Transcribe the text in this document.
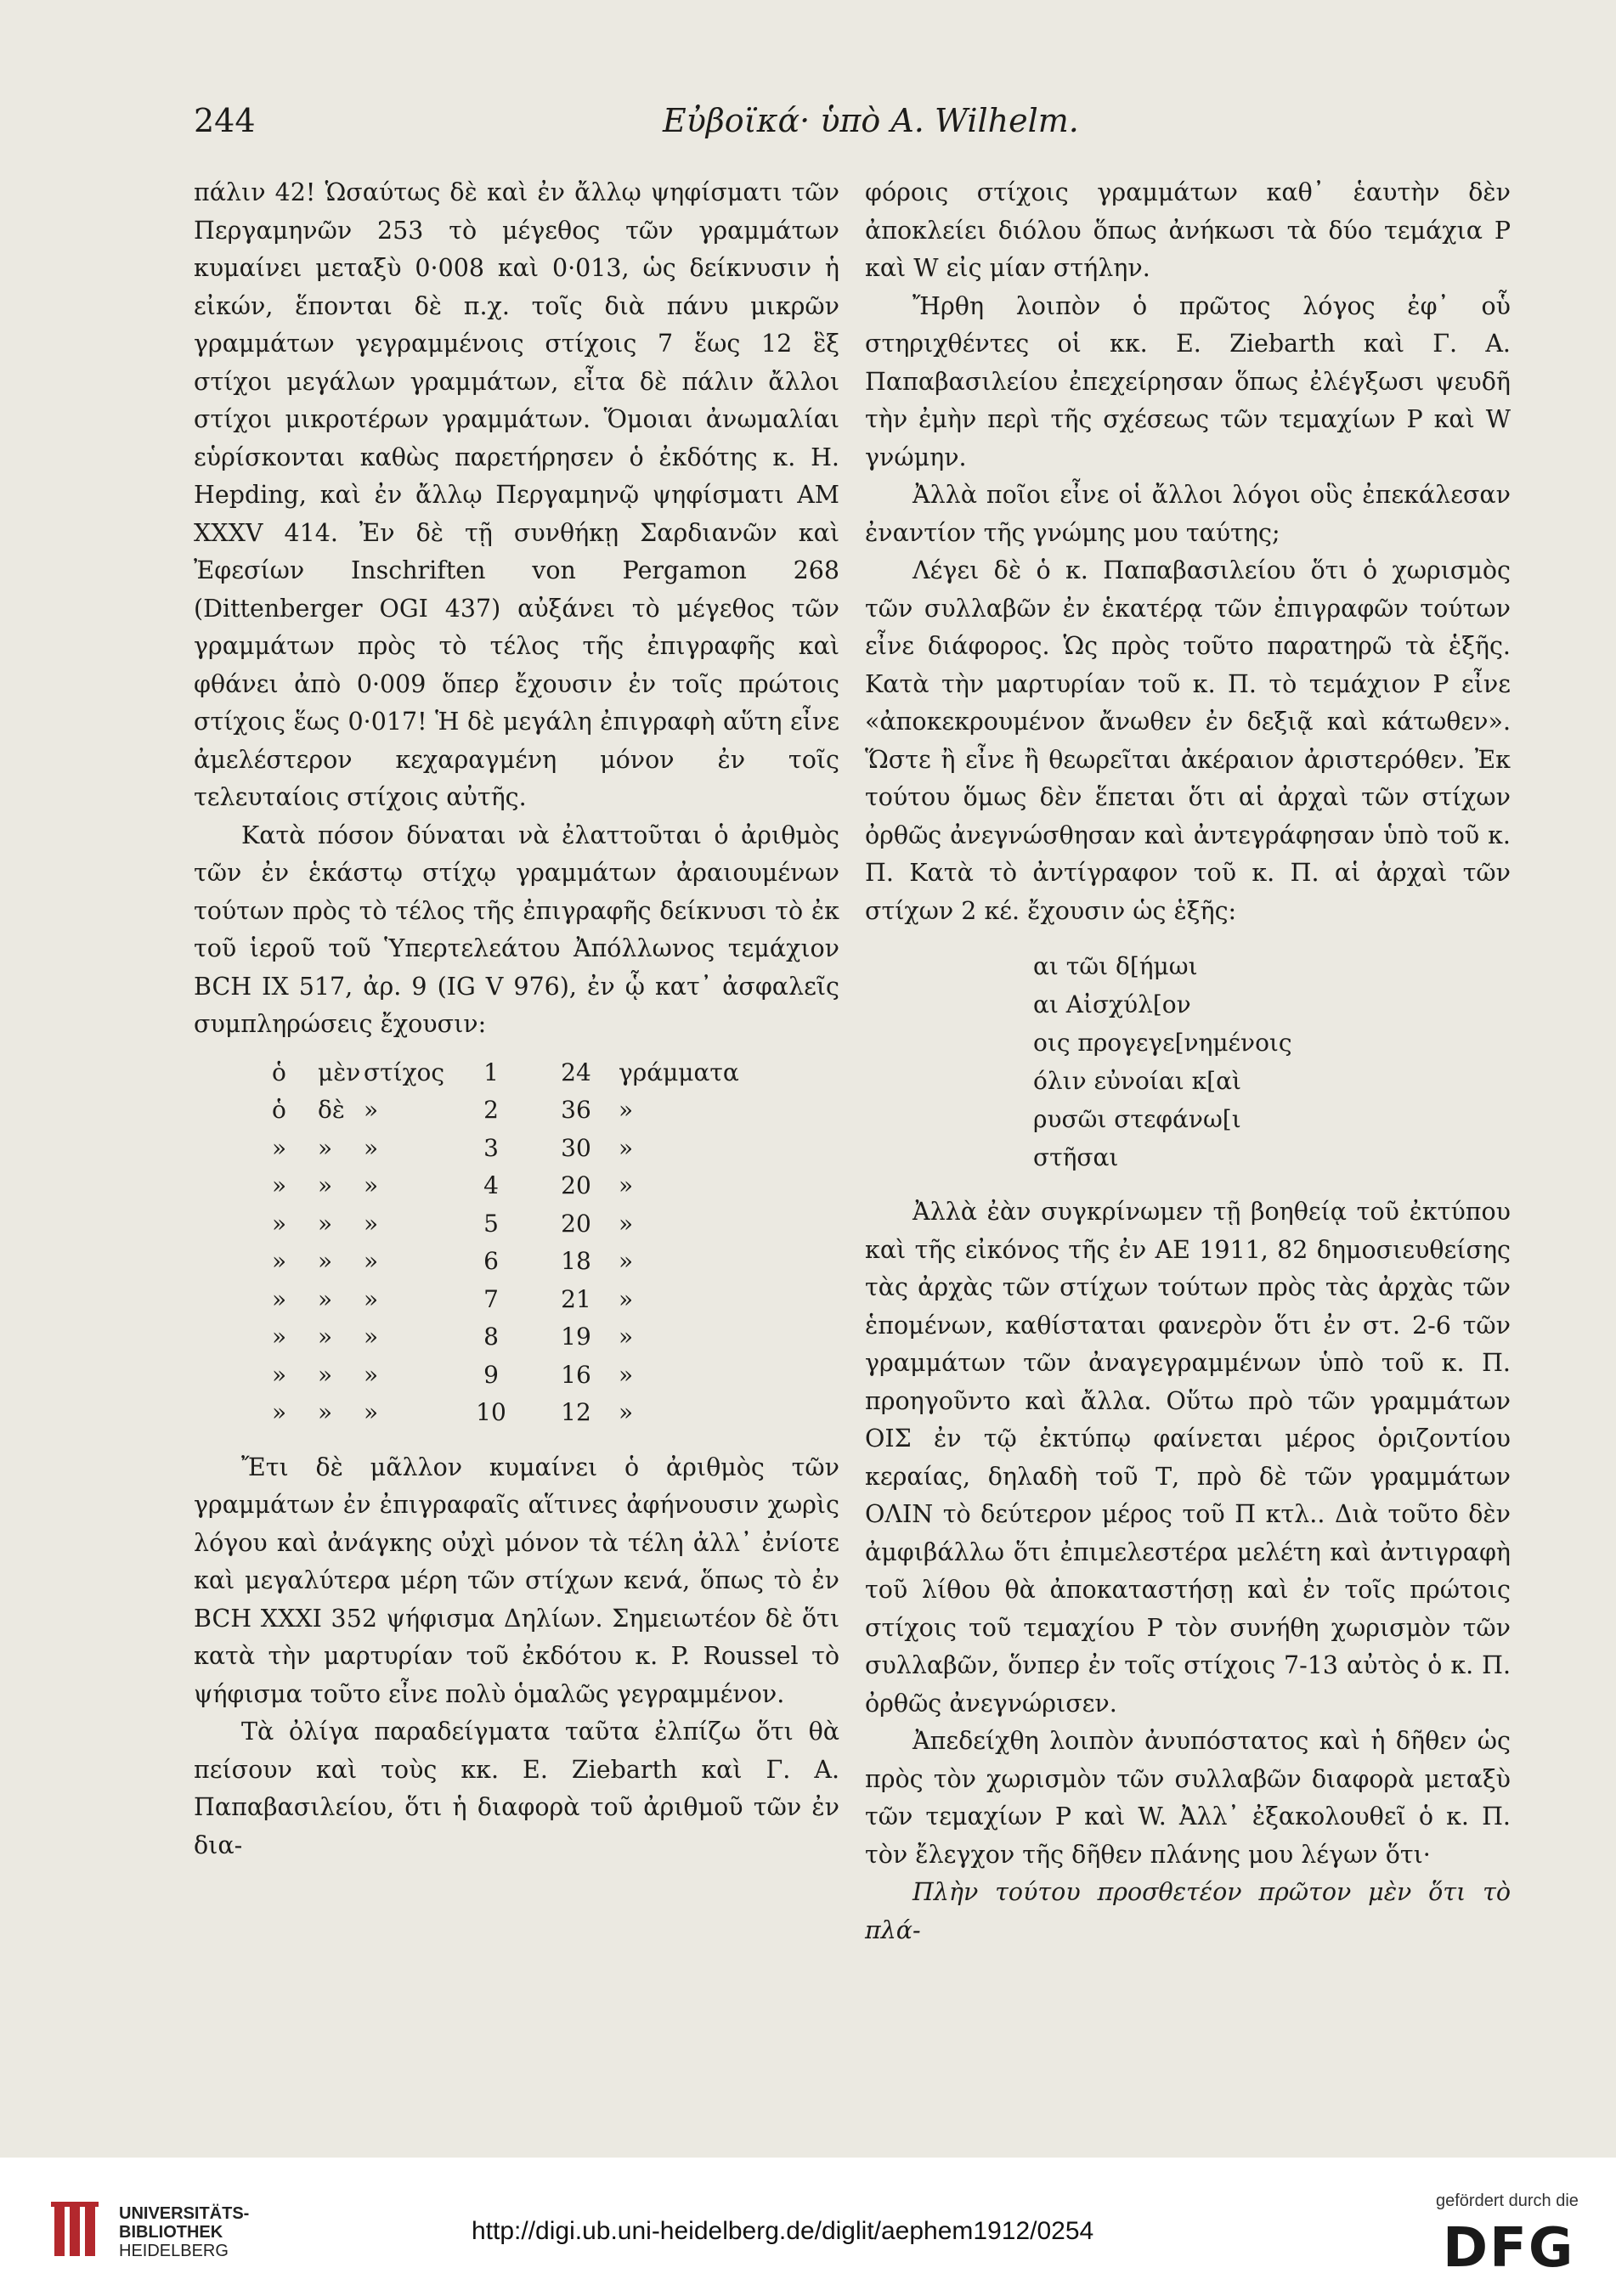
244	Εὐβοϊκά· ὑπὸ Α. Wilhelm.

πάλιν 42! Ὡσαύτως δὲ καὶ ἐν ἄλλῳ ψηφίσματι τῶν Περγαμηνῶν 253 τὸ μέγεθος τῶν γραμμάτων κυμαίνει μεταξὺ 0·008 καὶ 0·013, ὡς δείκνυσιν ἡ εἰκών, ἕπονται δὲ π.χ. τοῖς διὰ πάνυ μικρῶν γραμμάτων γεγραμμένοις στίχοις 7 ἕως 12 ἓξ στίχοι μεγάλων γραμμάτων, εἶτα δὲ πάλιν ἄλλοι στίχοι μικροτέρων γραμμάτων. Ὅμοιαι ἀνωμαλίαι εὑρίσκονται καθὼς παρετήρησεν ὁ ἐκδότης κ. H. Hepding, καὶ ἐν ἄλλῳ Περγαμηνῷ ψηφίσματι AM XXXV 414. Ἐν δὲ τῇ συνθήκῃ Σαρδιανῶν καὶ Ἐφεσίων Inschriften von Pergamon 268 (Dittenberger OGI 437) αὐξάνει τὸ μέγεθος τῶν γραμμάτων πρὸς τὸ τέλος τῆς ἐπιγραφῆς καὶ φθάνει ἀπὸ 0·009 ὅπερ ἔχουσιν ἐν τοῖς πρώτοις στίχοις ἕως 0·017! Ἡ δὲ μεγάλη ἐπιγραφὴ αὕτη εἶνε ἀμελέστερον κεχαραγμένη μόνον ἐν τοῖς τελευταίοις στίχοις αὐτῆς.

Κατὰ πόσον δύναται νὰ ἐλαττοῦται ὁ ἀριθμὸς τῶν ἐν ἑκάστῳ στίχῳ γραμμάτων ἀραιουμένων τούτων πρὸς τὸ τέλος τῆς ἐπιγραφῆς δείκνυσι τὸ ἐκ τοῦ ἱεροῦ τοῦ Ὑπερτελεάτου Ἀπόλλωνος τεμάχιον BCH IX 517, ἀρ. 9 (IG V 976), ἐν ᾧ κατ᾽ ἀσφαλεῖς συμπληρώσεις ἔχουσιν:

ὁ	μὲν	στίχος	1	24	γράμματα
ὁ	δὲ	»	2	36	»
»	»	»	3	30	»
»	»	»	4	20	»
»	»	»	5	20	»
»	»	»	6	18	»
»	»	»	7	21	»
»	»	»	8	19	»
»	»	»	9	16	»
»	»	»	10	12	»

Ἔτι δὲ μᾶλλον κυμαίνει ὁ ἀριθμὸς τῶν γραμμάτων ἐν ἐπιγραφαῖς αἵτινες ἀφήνουσιν χωρὶς λόγου καὶ ἀνάγκης οὐχὶ μόνον τὰ τέλη ἀλλ᾽ ἐνίοτε καὶ μεγαλύτερα μέρη τῶν στίχων κενά, ὅπως τὸ ἐν BCH XXXI 352 ψήφισμα Δηλίων. Σημειωτέον δὲ ὅτι κατὰ τὴν μαρτυρίαν τοῦ ἐκδότου κ. P. Roussel τὸ ψήφισμα τοῦτο εἶνε πολὺ ὁμαλῶς γεγραμμένον.

Τὰ ὀλίγα παραδείγματα ταῦτα ἐλπίζω ὅτι θὰ πείσουν καὶ τοὺς κκ. E. Ziebarth καὶ Γ. Α. Παπαβασιλείου, ὅτι ἡ διαφορὰ τοῦ ἀριθμοῦ τῶν ἐν δια-

φόροις στίχοις γραμμάτων καθ᾽ ἑαυτὴν δὲν ἀποκλείει διόλου ὅπως ἀνήκωσι τὰ δύο τεμάχια P καὶ W εἰς μίαν στήλην.

Ἤρθη λοιπὸν ὁ πρῶτος λόγος ἐφ᾽ οὗ στηριχθέντες οἱ κκ. E. Ziebarth καὶ Γ. Α. Παπαβασιλείου ἐπεχείρησαν ὅπως ἐλέγξωσι ψευδῆ τὴν ἐμὴν περὶ τῆς σχέσεως τῶν τεμαχίων P καὶ W γνώμην.

Ἀλλὰ ποῖοι εἶνε οἱ ἄλλοι λόγοι οὓς ἐπεκάλεσαν ἐναντίον τῆς γνώμης μου ταύτης;

Λέγει δὲ ὁ κ. Παπαβασιλείου ὅτι ὁ χωρισμὸς τῶν συλλαβῶν ἐν ἑκατέρᾳ τῶν ἐπιγραφῶν τούτων εἶνε διάφορος. Ὡς πρὸς τοῦτο παρατηρῶ τὰ ἑξῆς. Κατὰ τὴν μαρτυρίαν τοῦ κ. Π. τὸ τεμάχιον P εἶνε «ἀποκεκρουμένον ἄνωθεν ἐν δεξιᾷ καὶ κάτωθεν». Ὥστε ἢ εἶνε ἢ θεωρεῖται ἀκέραιον ἀριστερόθεν. Ἐκ τούτου ὅμως δὲν ἕπεται ὅτι αἱ ἀρχαὶ τῶν στίχων ὀρθῶς ἀνεγνώσθησαν καὶ ἀντεγράφησαν ὑπὸ τοῦ κ. Π. Κατὰ τὸ ἀντίγραφον τοῦ κ. Π. αἱ ἀρχαὶ τῶν στίχων 2 κέ. ἔχουσιν ὡς ἑξῆς:

αι τῶι δ[ήμωι
αι Αἰσχύλ[ον
οις προγεγε[νημένοις
όλιν εὐνοίαι κ[αὶ
ρυσῶι στεφάνω[ι
στῆσαι

Ἀλλὰ ἐὰν συγκρίνωμεν τῇ βοηθείᾳ τοῦ ἐκτύπου καὶ τῆς εἰκόνος τῆς ἐν ΑΕ 1911, 82 δημοσιευθείσης τὰς ἀρχὰς τῶν στίχων τούτων πρὸς τὰς ἀρχὰς τῶν ἑπομένων, καθίσταται φανερὸν ὅτι ἐν στ. 2-6 τῶν γραμμάτων τῶν ἀναγεγραμμένων ὑπὸ τοῦ κ. Π. προηγοῦντο καὶ ἄλλα. Οὕτω πρὸ τῶν γραμμάτων ΟΙΣ ἐν τῷ ἐκτύπῳ φαίνεται μέρος ὁριζοντίου κεραίας, δηλαδὴ τοῦ Τ, πρὸ δὲ τῶν γραμμάτων ΟΛΙΝ τὸ δεύτερον μέρος τοῦ Π κτλ.. Διὰ τοῦτο δὲν ἀμφιβάλλω ὅτι ἐπιμελεστέρα μελέτη καὶ ἀντιγραφὴ τοῦ λίθου θὰ ἀποκαταστήσῃ καὶ ἐν τοῖς πρώτοις στίχοις τοῦ τεμαχίου P τὸν συνήθη χωρισμὸν τῶν συλλαβῶν, ὅνπερ ἐν τοῖς στίχοις 7-13 αὐτὸς ὁ κ. Π. ὀρθῶς ἀνεγνώρισεν.

Ἀπεδείχθη λοιπὸν ἀνυπόστατος καὶ ἡ δῆθεν ὡς πρὸς τὸν χωρισμὸν τῶν συλλαβῶν διαφορὰ μεταξὺ τῶν τεμαχίων P καὶ W. Ἀλλ᾽ ἐξακολουθεῖ ὁ κ. Π. τὸν ἔλεγχον τῆς δῆθεν πλάνης μου λέγων ὅτι·

Πλὴν τούτου προσθετέον πρῶτον μὲν ὅτι τὸ πλά-

UNIVERSITÄTS-
BIBLIOTHEK
HEIDELBERG
http://digi.ub.uni-heidelberg.de/diglit/aephem1912/0254
gefördert durch die
DFG
